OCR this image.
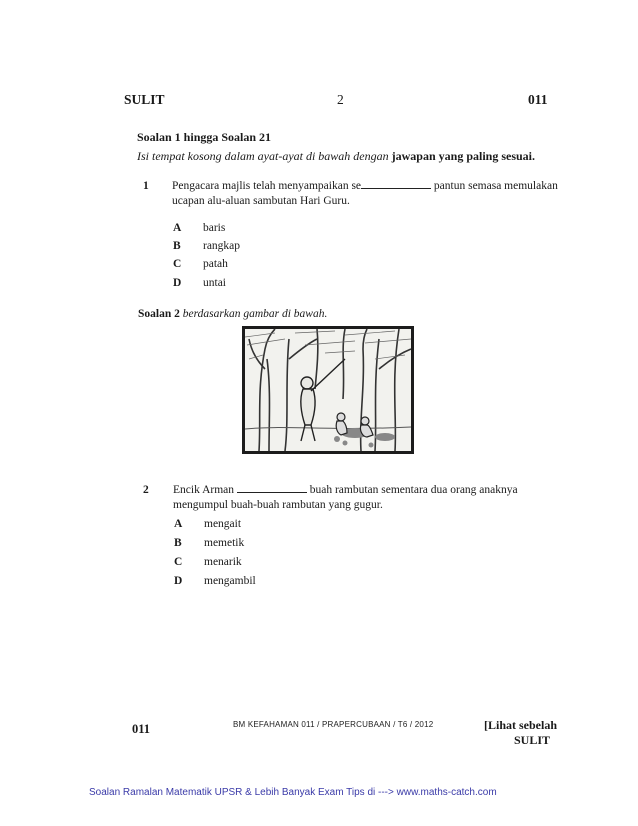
SULIT	2	011
Soalan 1 hingga Soalan 21
Isi tempat kosong dalam ayat-ayat di bawah dengan jawapan yang paling sesuai.
1 Pengacara majlis telah menyampaikan se	pantun semasa memulakan
ucapan alu-aluan sambutan Hari Guru.
A baris
B rangkap
C patah
D untai
Soalan 2 berdasarkan gambar di bawah.
2 Encik Arman	buah rambutan sementara dua orang anaknya
mengumpul buah-buah rambutan yang gugur.
A mengait
B memetik
C menarik
D mengambil
011	BM KEFAHAMAN 011 / PRAPERCUBAAN / T6 / 2012	[Lihat sebelah
SULIT
Soalan Ramalan Matematik UPSR & Lebih Banyak Exam Tips di ---> www.maths-catch.com
